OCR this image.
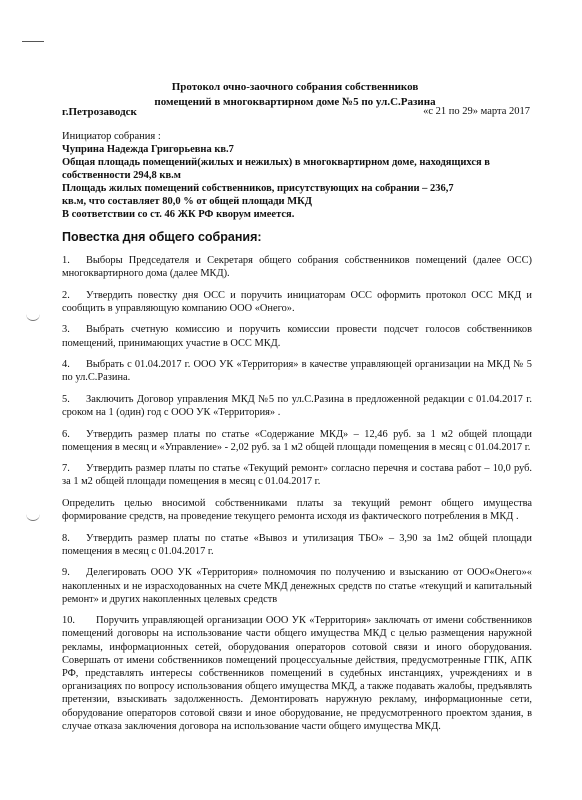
Протокол очно-заочного собрания собственников
помещений в многоквартирном доме №5 по ул.С.Разина
г.Петрозаводск	«с 21 по 29» марта 2017
Инициатор собрания :
Чуприна Надежда Григорьевна кв.7
Общая площадь помещений(жилых и нежилых) в многоквартирном доме, находящихся в
собственности 294,8 кв.м
Площадь жилых помещений собственников, присутствующих на собрании – 236,7
кв.м, что составляет 80,0 % от общей площади МКД
В соответствии со ст. 46 ЖК РФ кворум имеется.
Повестка дня общего собрания:
1. Выборы Председателя и Секретаря общего собрания собственников помещений (далее ОСС) многоквартирного дома (далее МКД).
2. Утвердить повестку дня ОСС и поручить инициаторам ОСС оформить протокол ОСС МКД и сообщить в управляющую компанию ООО «Онего».
3. Выбрать счетную комиссию и поручить комиссии провести подсчет голосов собственников помещений, принимающих участие в ОСС МКД.
4. Выбрать с 01.04.2017 г. ООО УК «Территория» в качестве управляющей организации на МКД № 5 по ул.С.Разина.
5. Заключить Договор управления МКД №5 по ул.С.Разина в предложенной редакции с 01.04.2017 г. сроком на 1 (один) год с ООО УК «Территория» .
6. Утвердить размер платы по статье «Содержание МКД» – 12,46 руб. за 1 м2 общей площади помещения в месяц и «Управление» - 2,02 руб. за 1 м2 общей площади помещения в месяц с 01.04.2017 г.
7. Утвердить размер платы по статье «Текущий ремонт» согласно перечня и состава работ – 10,0 руб. за 1 м2 общей площади помещения в месяц с 01.04.2017 г.
Определить целью вносимой собственниками платы за текущий ремонт общего имущества формирование средств, на проведение текущего ремонта исходя из фактического потребления в МКД .
8. Утвердить размер платы по статье «Вывоз и утилизация ТБО» – 3,90 за 1м2 общей площади помещения в месяц с 01.04.2017 г.
9. Делегировать ООО УК «Территория» полномочия по получению и взысканию от ООО«Онего»« накопленных и не израсходованных на счете МКД денежных средств по статье «текущий и капитальный ремонт» и других накопленных целевых средств
10. Поручить управляющей организации ООО УК «Территория» заключать от имени собственников помещений договоры на использование части общего имущества МКД с целью размещения наружной рекламы, информационных сетей, оборудования операторов сотовой связи и иного оборудования. Совершать от имени собственников помещений процессуальные действия, предусмотренные ГПК, АПК РФ, представлять интересы собственников помещений в судебных инстанциях, учреждениях и в организациях по вопросу использования общего имущества МКД, а также подавать жалобы, предъявлять претензии, взыскивать задолженность. Демонтировать наружную рекламу, информационные сети, оборудование операторов сотовой связи и иное оборудование, не предусмотренного проектом здания, в случае отказа заключения договора на использование части общего имущества МКД.
